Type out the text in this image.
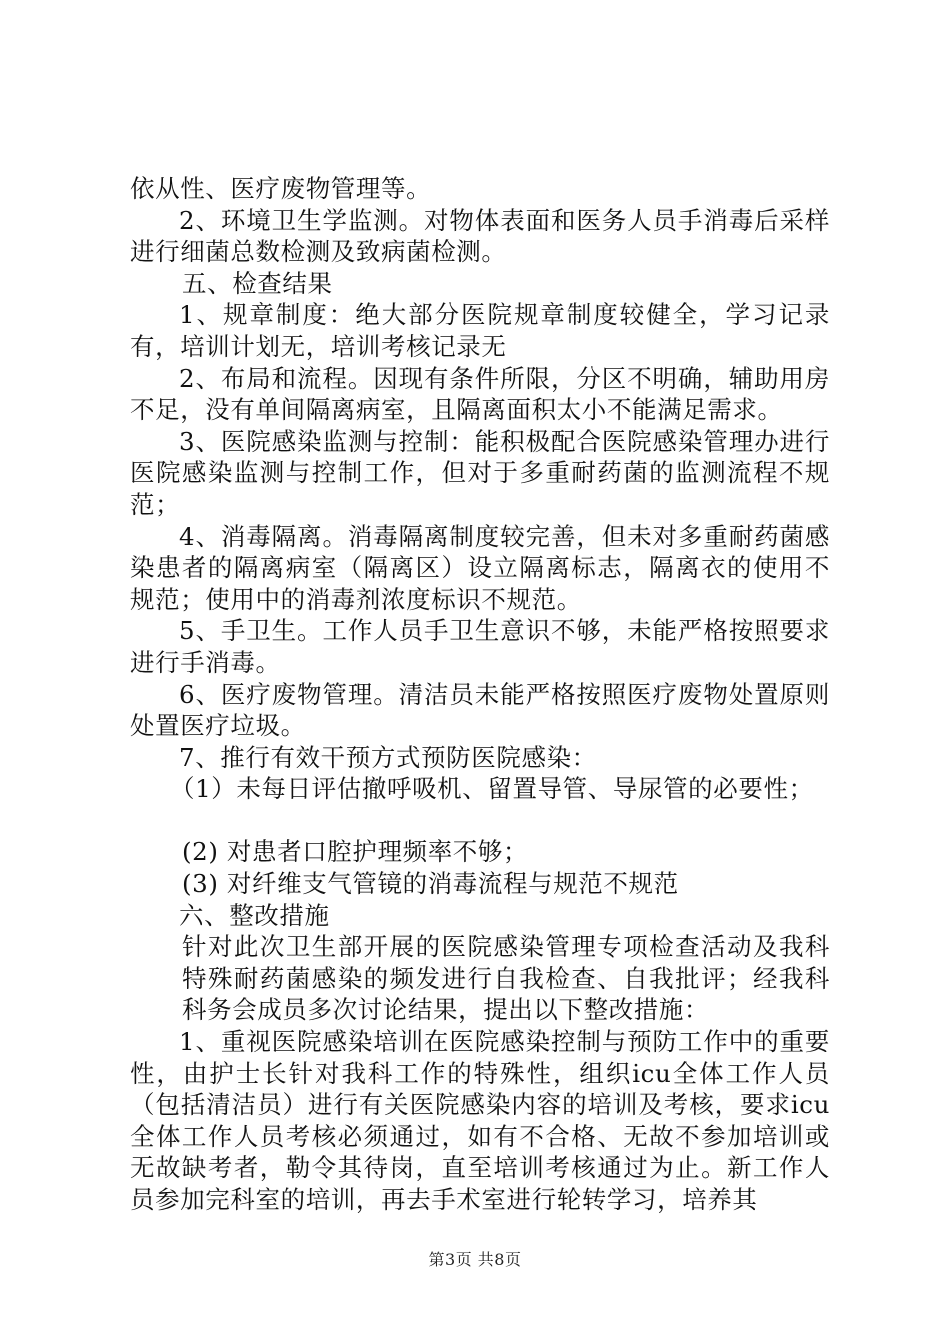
依从性、医疗废物管理等。

2、环境卫生学监测。对物体表面和医务人员手消毒后采样进行细菌总数检测及致病菌检测。

五、检查结果

1、规章制度：绝大部分医院规章制度较健全，学习记录有，培训计划无，培训考核记录无

2、布局和流程。因现有条件所限，分区不明确，辅助用房不足，没有单间隔离病室，且隔离面积太小不能满足需求。

3、医院感染监测与控制：能积极配合医院感染管理办进行医院感染监测与控制工作，但对于多重耐药菌的监测流程不规范；

4、消毒隔离。消毒隔离制度较完善，但未对多重耐药菌感染患者的隔离病室（隔离区）设立隔离标志，隔离衣的使用不规范；使用中的消毒剂浓度标识不规范。

5、手卫生。工作人员手卫生意识不够，未能严格按照要求进行手消毒。

6、医疗废物管理。清洁员未能严格按照医疗废物处置原则处置医疗垃圾。

7、推行有效干预方式预防医院感染：

（1）未每日评估撤呼吸机、留置导管、导尿管的必要性；

(2) 对患者口腔护理频率不够；

(3) 对纤维支气管镜的消毒流程与规范不规范

六、整改措施

针对此次卫生部开展的医院感染管理专项检查活动及我科特殊耐药菌感染的频发进行自我检查、自我批评；经我科科务会成员多次讨论结果，提出以下整改措施：

1、重视医院感染培训在医院感染控制与预防工作中的重要性，由护士长针对我科工作的特殊性，组织icu全体工作人员（包括清洁员）进行有关医院感染内容的培训及考核，要求icu全体工作人员考核必须通过，如有不合格、无故不参加培训或无故缺考者，勒令其待岗，直至培训考核通过为止。新工作人员参加完科室的培训，再去手术室进行轮转学习，培养其

第3页 共8页
